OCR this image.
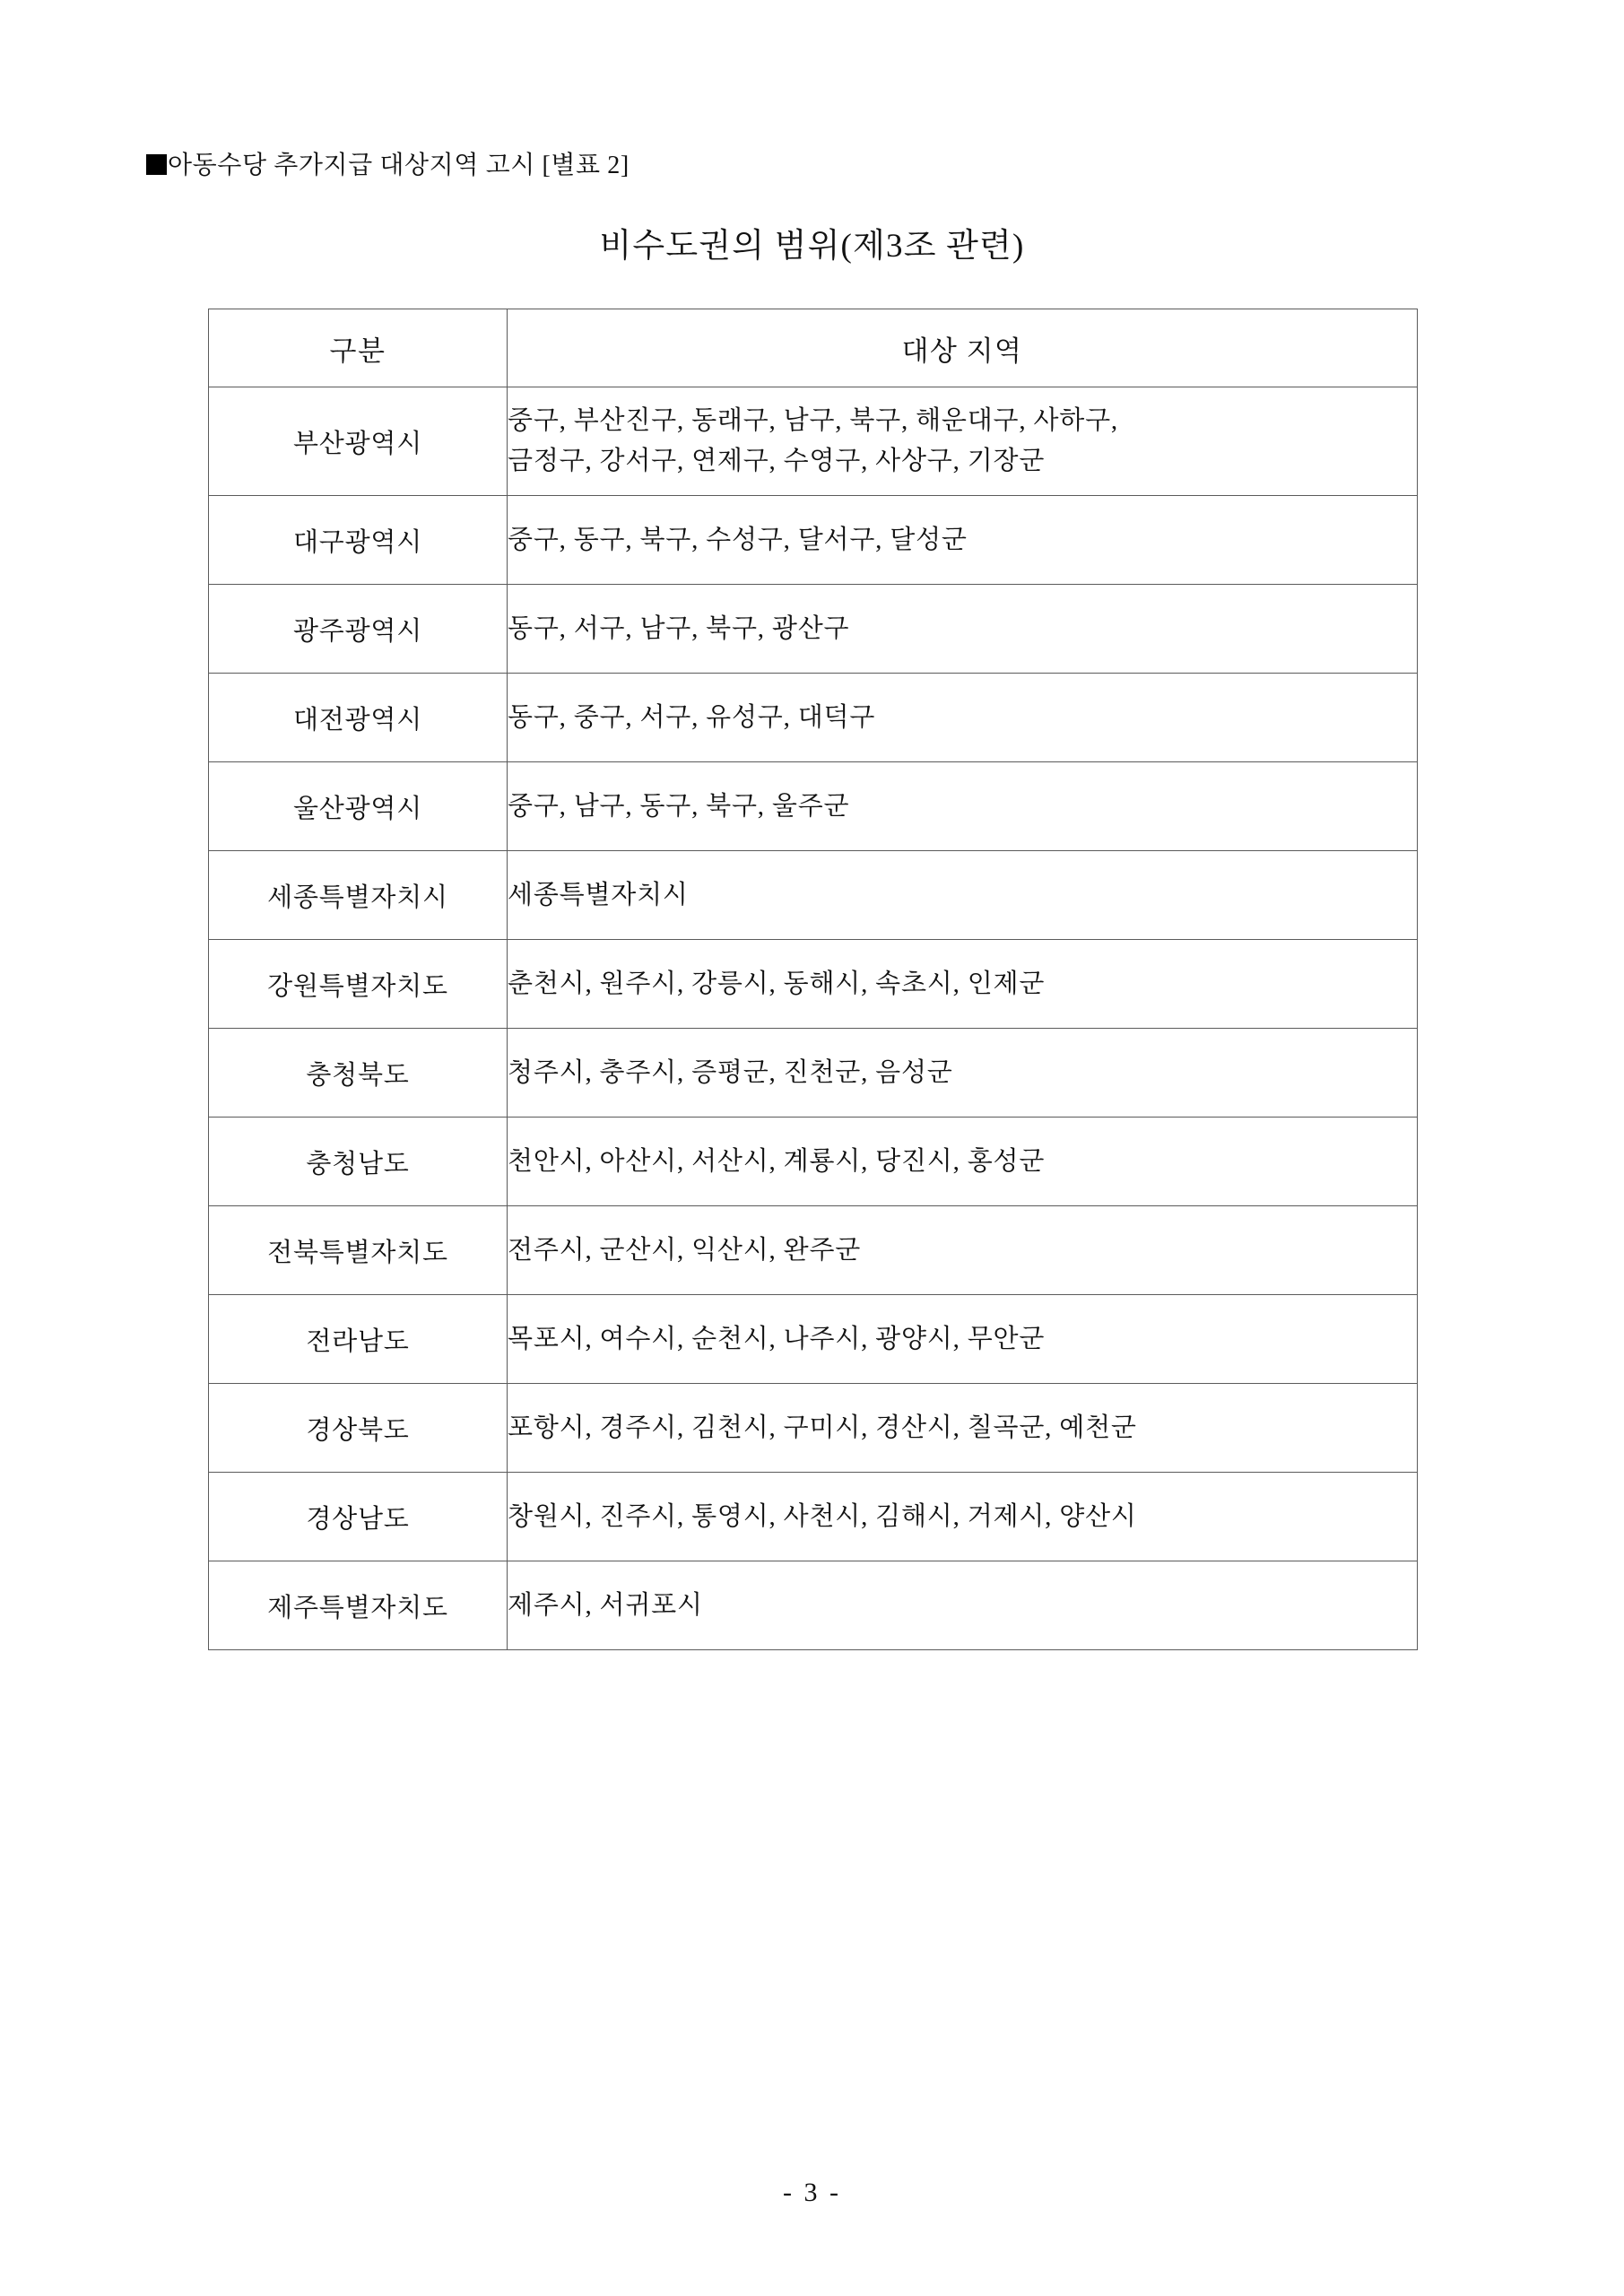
아동수당 추가지급 대상지역 고시 [별표 2]
비수도권의 범위(제3조 관련)
구분	대상 지역
부산광역시	중구, 부산진구, 동래구, 남구, 북구, 해운대구, 사하구,
금정구, 강서구, 연제구, 수영구, 사상구, 기장군

대구광역시	중구, 동구, 북구, 수성구, 달서구, 달성군

광주광역시	동구, 서구, 남구, 북구, 광산구

대전광역시	동구, 중구, 서구, 유성구, 대덕구

울산광역시	중구, 남구, 동구, 북구, 울주군

세종특별자치시	세종특별자치시

강원특별자치도	춘천시, 원주시, 강릉시, 동해시, 속초시, 인제군

충청북도	청주시, 충주시, 증평군, 진천군, 음성군

충청남도	천안시, 아산시, 서산시, 계룡시, 당진시, 홍성군

전북특별자치도	전주시, 군산시, 익산시, 완주군

전라남도	목포시, 여수시, 순천시, 나주시, 광양시, 무안군

경상북도	포항시, 경주시, 김천시, 구미시, 경산시, 칠곡군, 예천군

경상남도	창원시, 진주시, 통영시, 사천시, 김해시, 거제시, 양산시

제주특별자치도	제주시, 서귀포시
- 3 -
